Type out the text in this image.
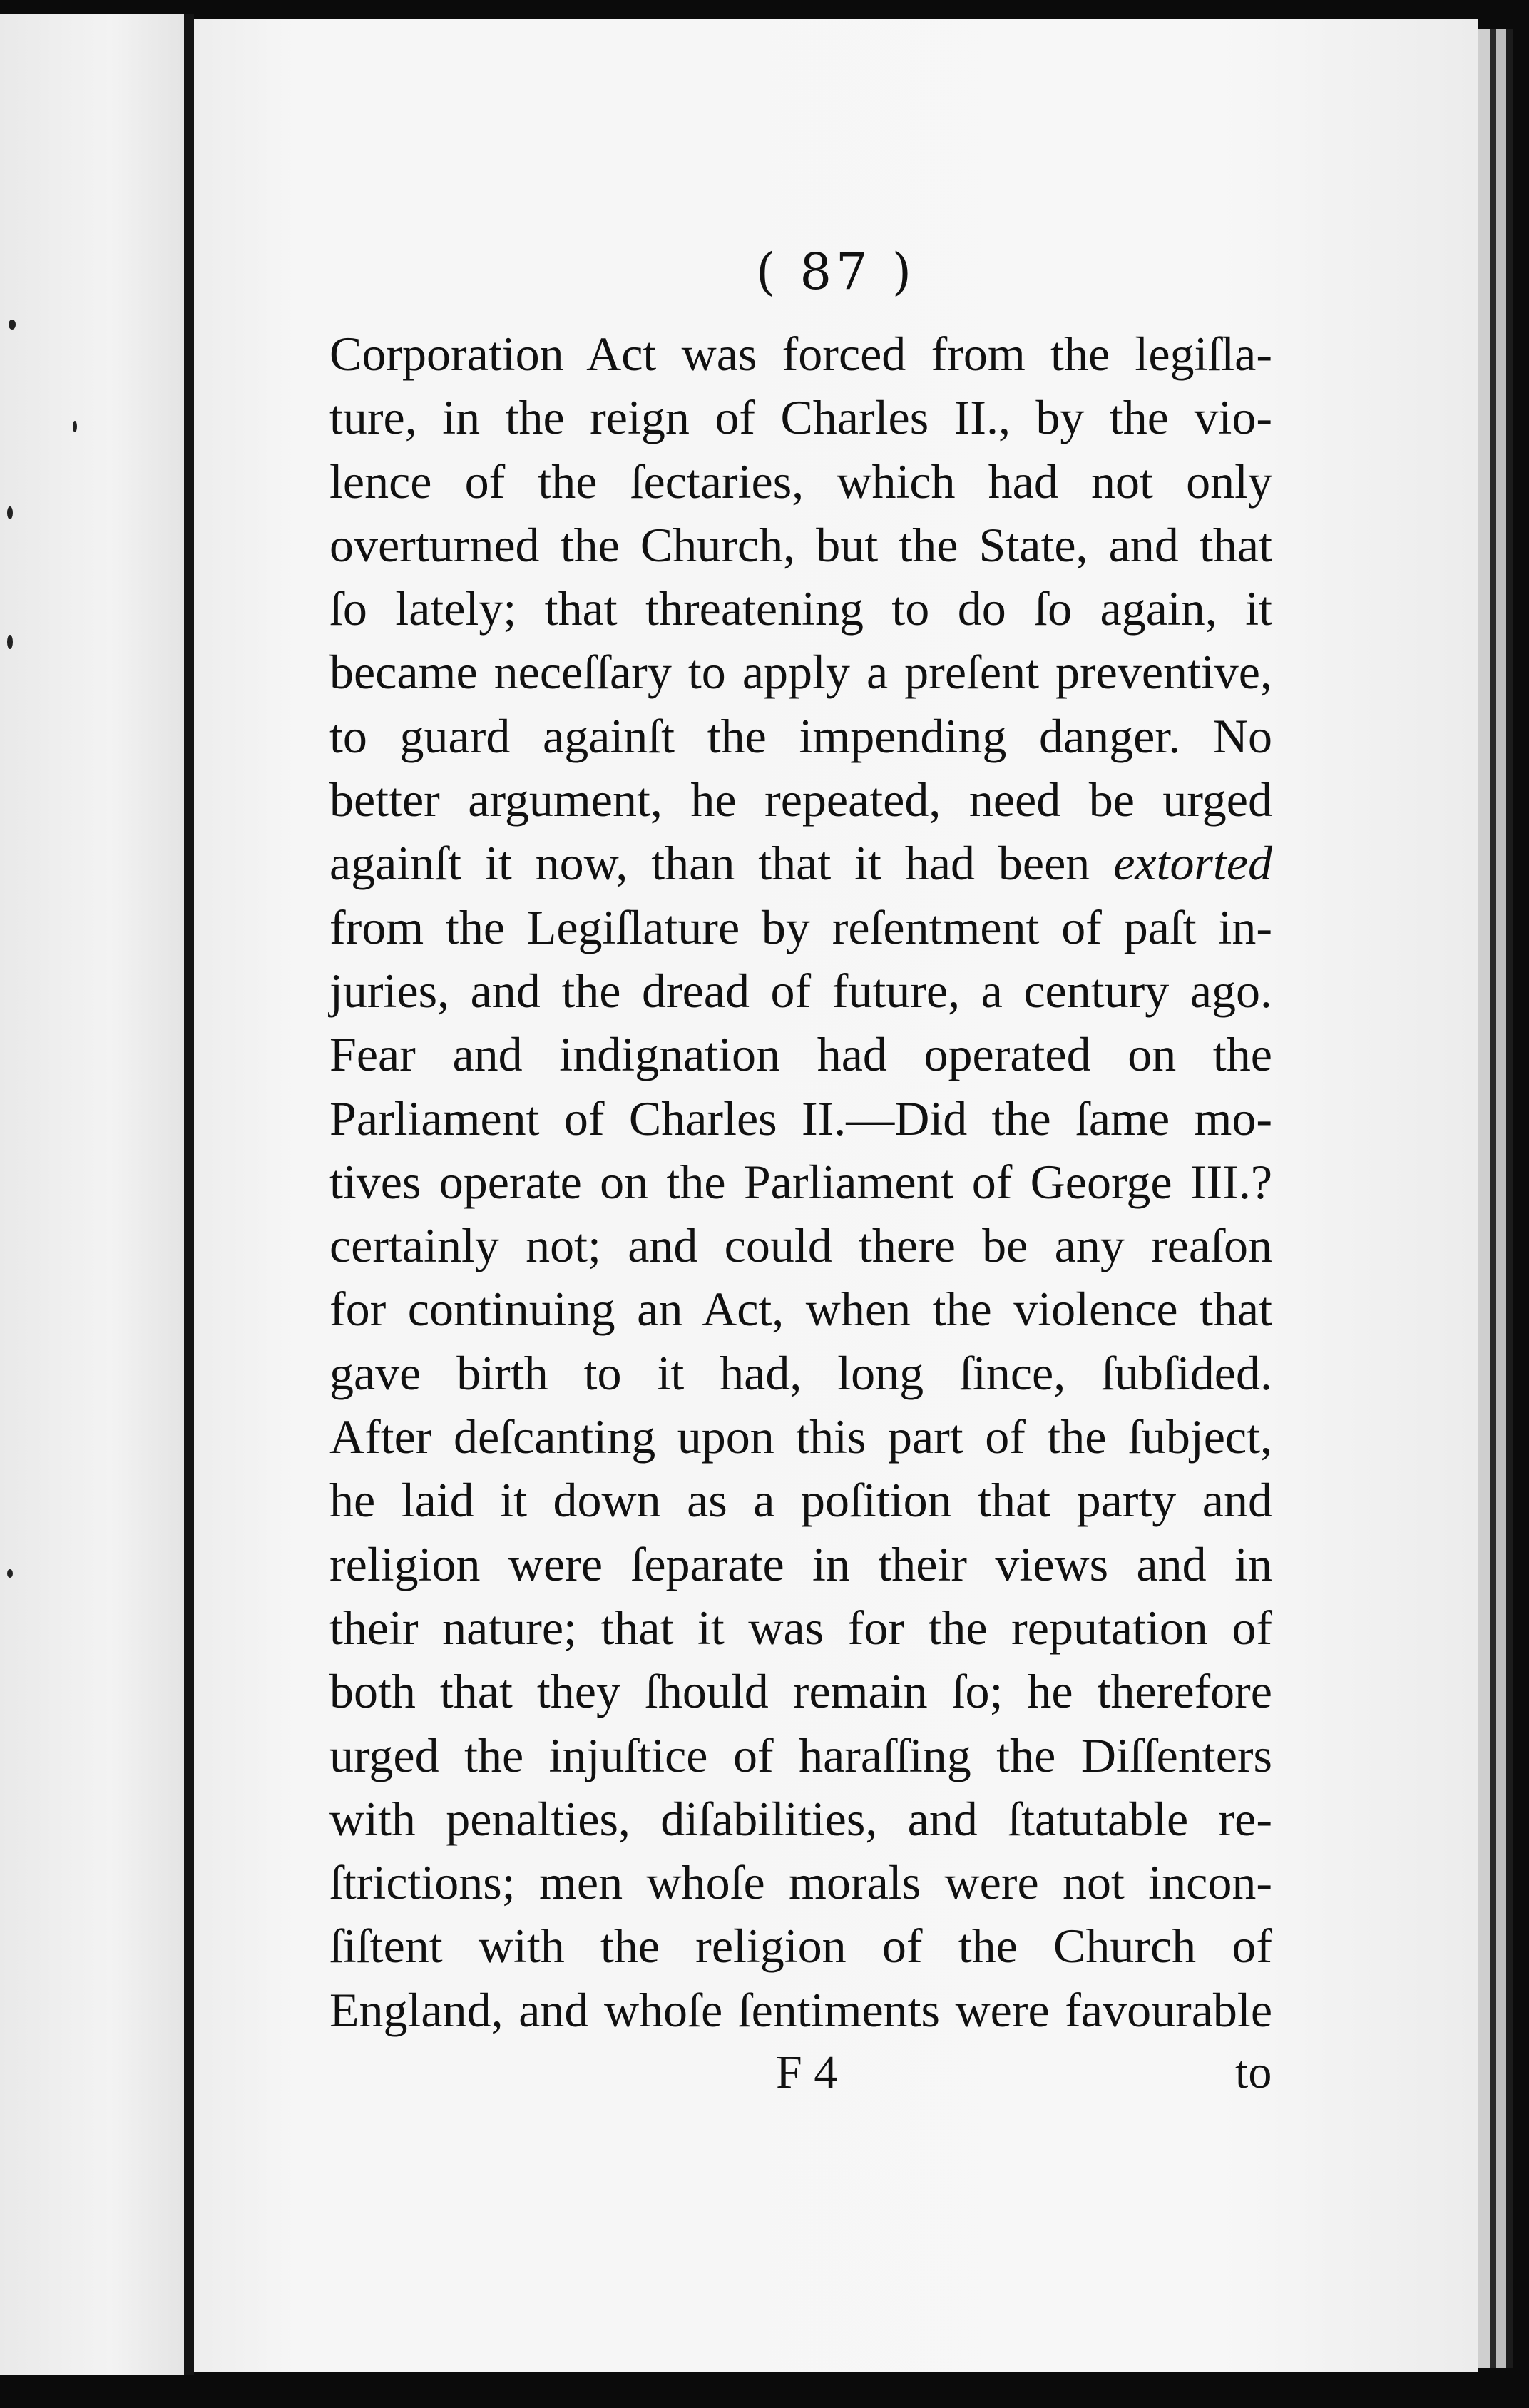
( 87 )
Corporation Act was forced from the legiſla-
ture, in the reign of Charles II., by the vio-
lence of the ſectaries, which had not only
overturned the Church, but the State, and that
ſo lately; that threatening to do ſo again, it
became neceſſary to apply a preſent preventive,
to guard againſt the impending danger. No
better argument, he repeated, need be urged
againſt it now, than that it had been extorted
from the Legiſlature by reſentment of paſt in-
juries, and the dread of future, a century ago.
Fear and indignation had operated on the
Parliament of Charles II.—Did the ſame mo-
tives operate on the Parliament of George III.?
certainly not; and could there be any reaſon
for continuing an Act, when the violence that
gave birth to it had, long ſince, ſubſided.
After deſcanting upon this part of the ſubject,
he laid it down as a poſition that party and
religion were ſeparate in their views and in
their nature; that it was for the reputation of
both that they ſhould remain ſo; he therefore
urged the injuſtice of haraſſing the Diſſenters
with penalties, diſabilities, and ſtatutable re-
ſtrictions; men whoſe morals were not incon-
ſiſtent with the religion of the Church of
England, and whoſe ſentiments were favourable
F 4	to
